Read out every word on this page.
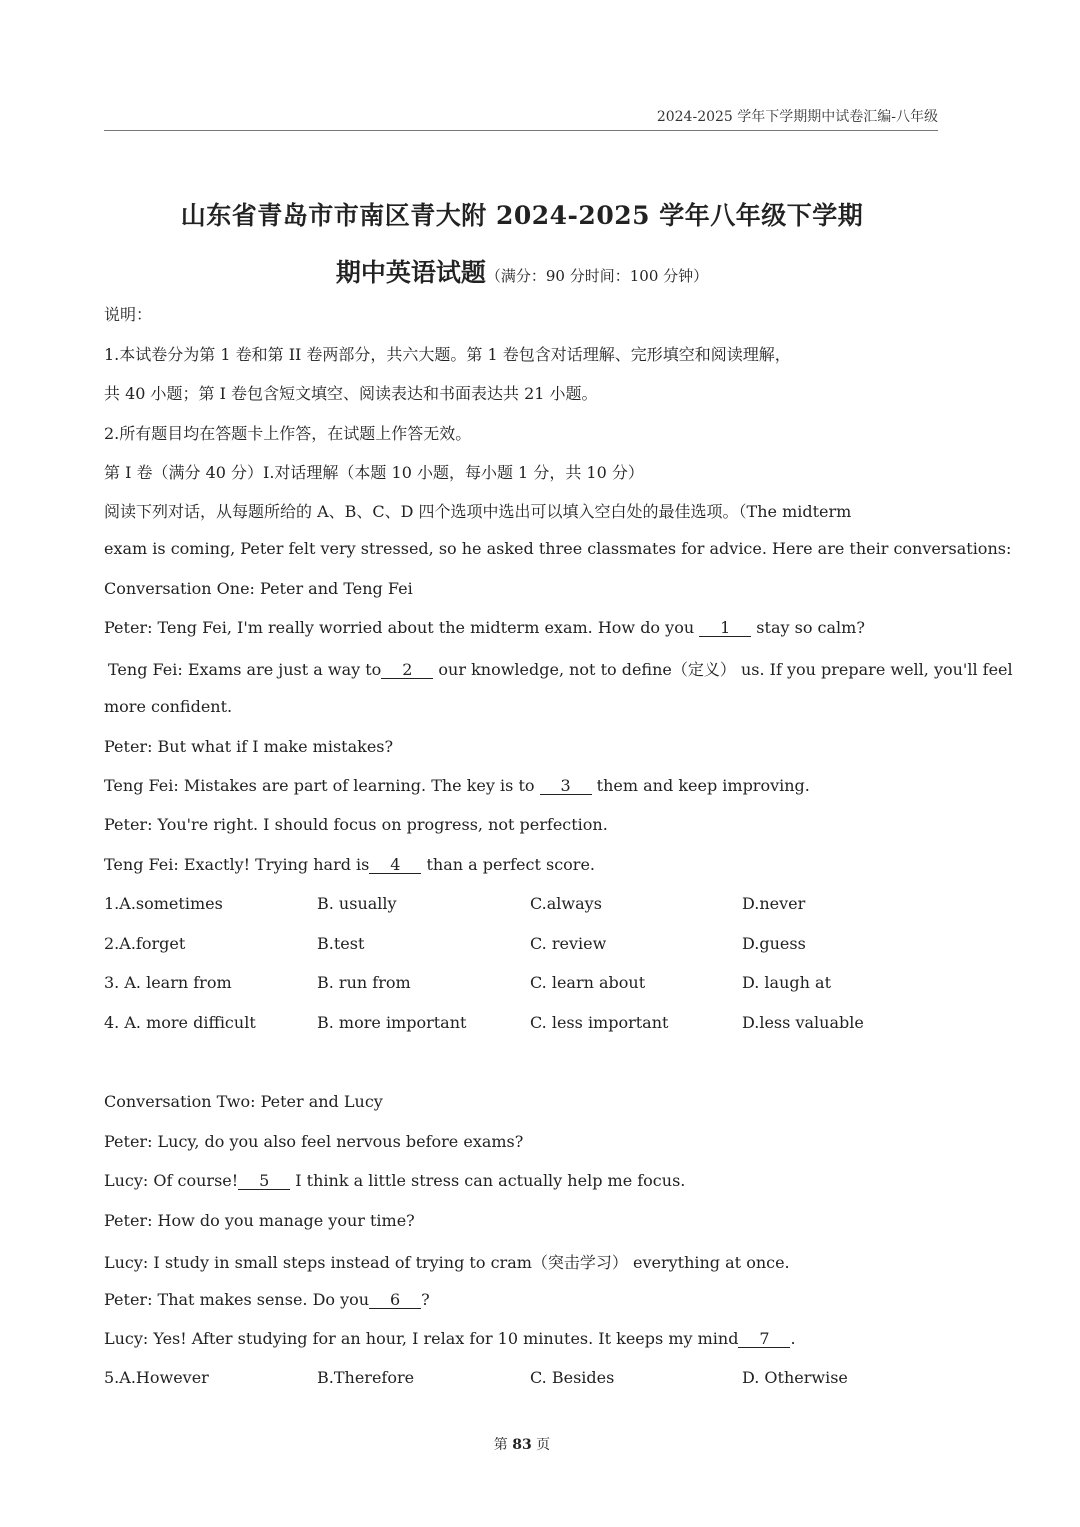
2024-2025 学年下学期期中试卷汇编-八年级
山东省青岛市市南区青大附 2024-2025 学年八年级下学期
期中英语试题（满分：90 分时间：100 分钟）
说明：
1.本试卷分为第 1 卷和第 II 卷两部分，共六大题。第 1 卷包含对话理解、完形填空和阅读理解，
共 40 小题；第 I 卷包含短文填空、阅读表达和书面表达共 21 小题。
2.所有题目均在答题卡上作答，在试题上作答无效。
第 I 卷（满分 40 分）I.对话理解（本题 10 小题，每小题 1 分，共 10 分）
阅读下列对话，从每题所给的 A、B、C、D 四个选项中选出可以填入空白处的最佳选项。（The midterm
exam is coming, Peter felt very stressed, so he asked three classmates for advice. Here are their conversations:
Conversation One: Peter and Teng Fei
Peter: Teng Fei, I'm really worried about the midterm exam. How do you 1 stay so calm?
Teng Fei: Exams are just a way to 2 our knowledge, not to define（定义） us. If you prepare well, you'll feel
more confident.
Peter: But what if I make mistakes?
Teng Fei: Mistakes are part of learning. The key is to 3 them and keep improving.
Peter: You're right. I should focus on progress, not perfection.
Teng Fei: Exactly! Trying hard is 4 than a perfect score.
1.A.sometimes	B. usually	C.always	D.never
2.A.forget	B.test	C. review	D.guess
3. A. learn from	B. run from	C. learn about	D. laugh at
4. A. more difficult	B. more important	C. less important	D.less valuable
Conversation Two: Peter and Lucy
Peter: Lucy, do you also feel nervous before exams?
Lucy: Of course! 5 I think a little stress can actually help me focus.
Peter: How do you manage your time?
Lucy: I study in small steps instead of trying to cram（突击学习） everything at once.
Peter: That makes sense. Do you 6 ?
Lucy: Yes! After studying for an hour, I relax for 10 minutes. It keeps my mind 7 .
5.A.However	B.Therefore	C. Besides	D. Otherwise
第 83 页
